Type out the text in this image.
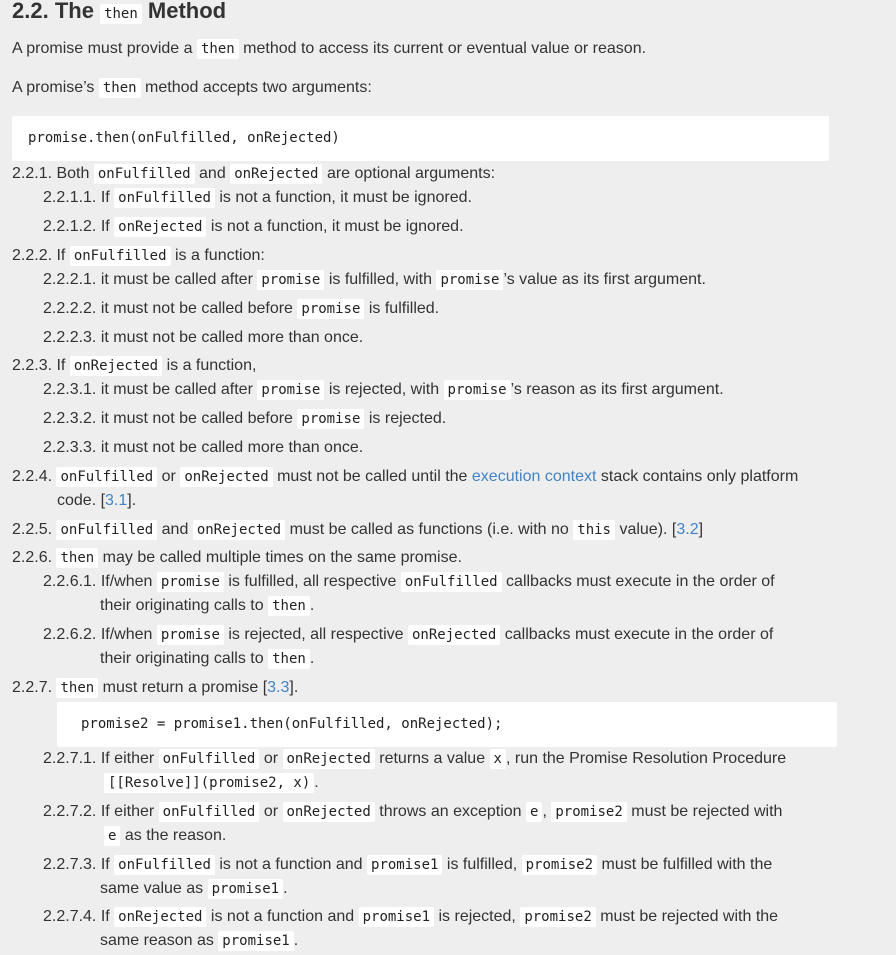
2.2. The then Method
A promise must provide a then method to access its current or eventual value or reason.
A promise’s then method accepts two arguments:
promise.then(onFulfilled, onRejected)
2.2.1. Both onFulfilled and onRejected are optional arguments:
2.2.1.1. If onFulfilled is not a function, it must be ignored.
2.2.1.2. If onRejected is not a function, it must be ignored.
2.2.2. If onFulfilled is a function:
2.2.2.1. it must be called after promise is fulfilled, with promise ’s value as its first argument.
2.2.2.2. it must not be called before promise is fulfilled.
2.2.2.3. it must not be called more than once.
2.2.3. If onRejected is a function,
2.2.3.1. it must be called after promise is rejected, with promise ’s reason as its first argument.
2.2.3.2. it must not be called before promise is rejected.
2.2.3.3. it must not be called more than once.
2.2.4. onFulfilled or onRejected must not be called until the execution context stack contains only platform
code. [3.1].
2.2.5. onFulfilled and onRejected must be called as functions (i.e. with no this value). [3.2]
2.2.6. then may be called multiple times on the same promise.
2.2.6.1. If/when promise is fulfilled, all respective onFulfilled callbacks must execute in the order of
their originating calls to then .
2.2.6.2. If/when promise is rejected, all respective onRejected callbacks must execute in the order of
their originating calls to then .
2.2.7. then must return a promise [3.3].
promise2 = promise1.then(onFulfilled, onRejected);
2.2.7.1. If either onFulfilled or onRejected returns a value x , run the Promise Resolution Procedure
[[Resolve]](promise2, x) .
2.2.7.2. If either onFulfilled or onRejected throws an exception e , promise2 must be rejected with
e as the reason.
2.2.7.3. If onFulfilled is not a function and promise1 is fulfilled, promise2 must be fulfilled with the
same value as promise1 .
2.2.7.4. If onRejected is not a function and promise1 is rejected, promise2 must be rejected with the
same reason as promise1 .
